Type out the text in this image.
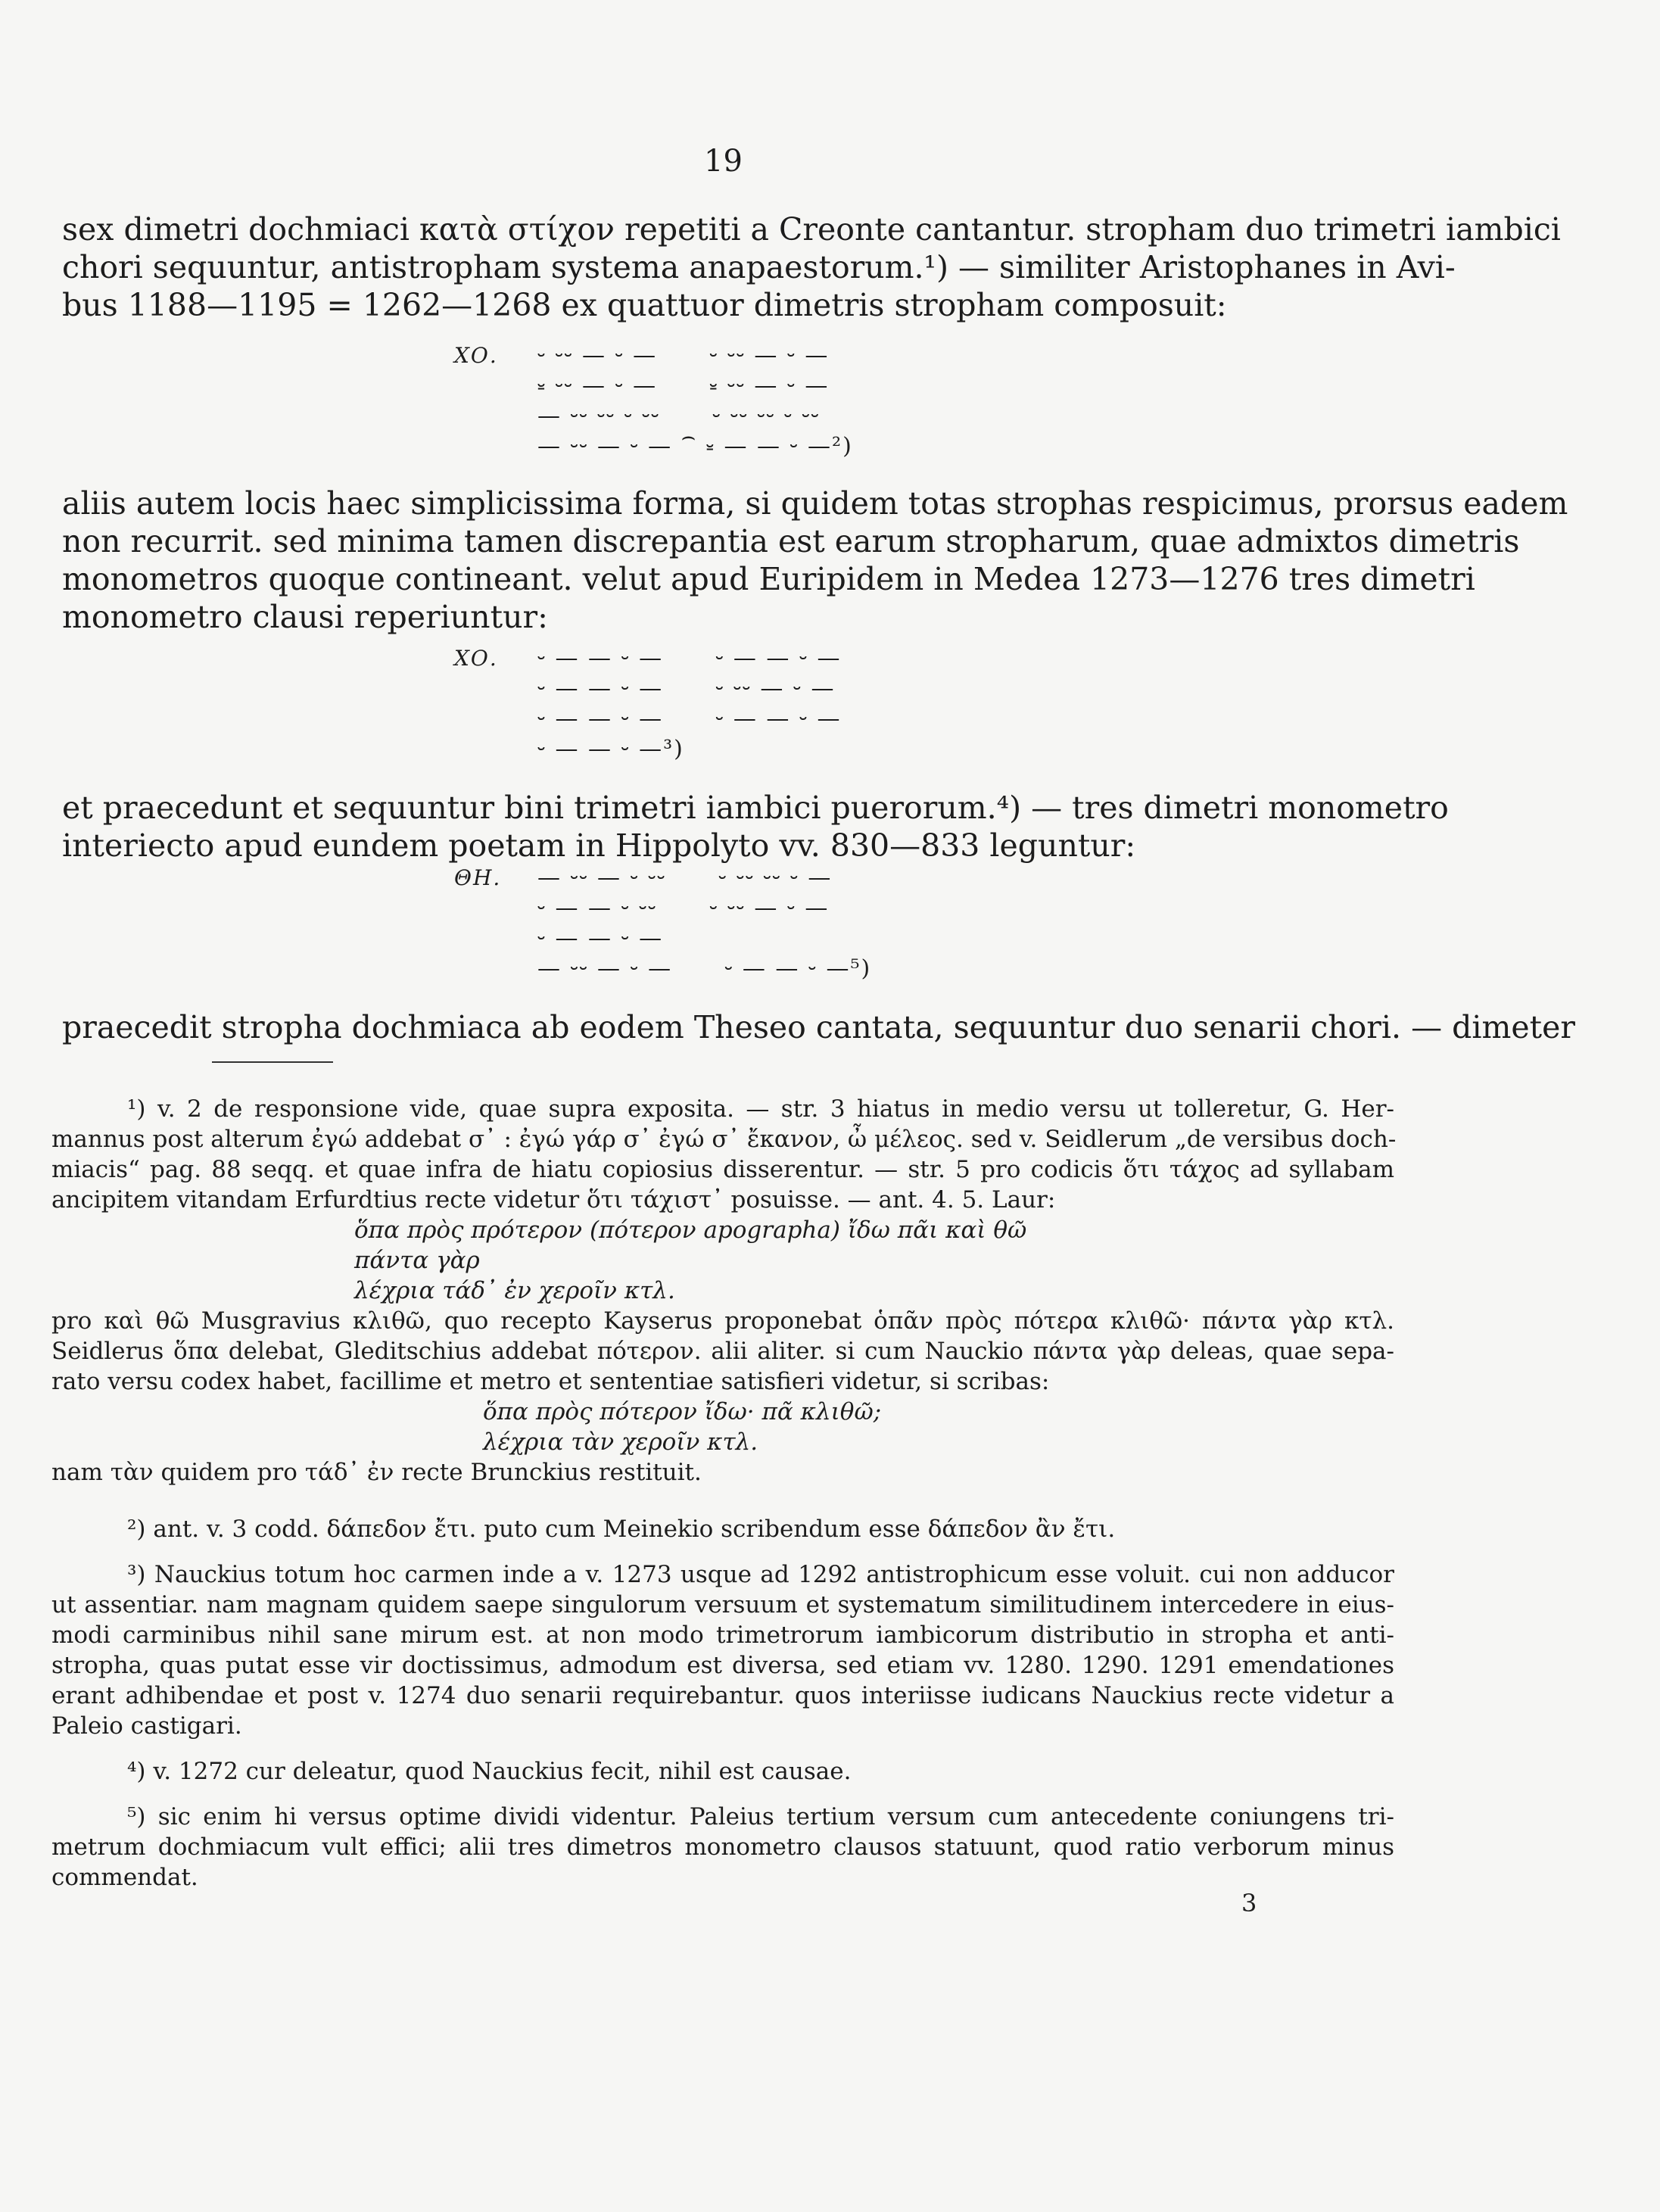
19
sex dimetri dochmiaci κατὰ στίχον repetiti a Creonte cantantur. stropham duo trimetri iambici
chori sequuntur, antistropham systema anapaestorum.¹) — similiter Aristophanes in Avi-
bus 1188—1195 = 1262—1268 ex quattuor dimetris stropham composuit:
ΧΟ. ⏑ ⏑⏑ — ⏑ —      ⏑ ⏑⏑ — ⏑ —
⏓ ⏑⏑ — ⏑ —      ⏓ ⏑⏑ — ⏑ —
— ⏑⏑ ⏑⏑ ⏑ ⏑⏑      ⏑ ⏑⏑ ⏑⏑ ⏑ ⏑⏑
— ⏑⏑ — ⏑ — ⁀ ⏓ — — ⏑ —²)
aliis autem locis haec simplicissima forma, si quidem totas strophas respicimus, prorsus eadem
non recurrit. sed minima tamen discrepantia est earum stropharum, quae admixtos dimetris
monometros quoque contineant. velut apud Euripidem in Medea 1273—1276 tres dimetri
monometro clausi reperiuntur:
ΧΟ. ⏑ — — ⏑ —      ⏑ — — ⏑ —
⏑ — — ⏑ —      ⏑ ⏑⏑ — ⏑ —
⏑ — — ⏑ —      ⏑ — — ⏑ —
⏑ — — ⏑ —³)
et praecedunt et sequuntur bini trimetri iambici puerorum.⁴) — tres dimetri monometro
interiecto apud eundem poetam in Hippolyto vv. 830—833 leguntur:
ΘΗ. — ⏑⏑ — ⏑ ⏑⏑      ⏑ ⏑⏑ ⏑⏑ ⏑ —
⏑ — — ⏑ ⏑⏑      ⏑ ⏑⏑ — ⏑ —
⏑ — — ⏑ —
— ⏑⏑ — ⏑ —      ⏑ — — ⏑ —⁵)
praecedit stropha dochmiaca ab eodem Theseo cantata, sequuntur duo senarii chori. — dimeter
¹) v. 2 de responsione vide, quae supra exposita. — str. 3 hiatus in medio versu ut tolleretur, G. Her-
mannus post alterum ἐγώ addebat σ᾽ : ἐγώ γάρ σ᾽ ἐγώ σ᾽ ἔκανον, ὦ μέλεος. sed v. Seidlerum „de versibus doch-
miacis“ pag. 88 seqq. et quae infra de hiatu copiosius disserentur. — str. 5 pro codicis ὅτι τάχος ad syllabam
ancipitem vitandam Erfurdtius recte videtur ὅτι τάχιστ᾽ posuisse. — ant. 4. 5. Laur:
ὅπα πρὸς πρότερον (πότερον apographa) ἴδω πᾶι καὶ θῶ
πάντα γὰρ
λέχρια τάδ᾽ ἐν χεροῖν κτλ.
pro καὶ θῶ Musgravius κλιθῶ, quo recepto Kayserus proponebat ὁπᾶν πρὸς πότερα κλιθῶ· πάντα γὰρ κτλ.
Seidlerus ὅπα delebat, Gleditschius addebat πότερον. alii aliter. si cum Nauckio πάντα γὰρ deleas, quae sepa-
rato versu codex habet, facillime et metro et sententiae satisfieri videtur, si scribas:
ὅπα πρὸς πότερον ἴδω· πᾶ κλιθῶ;
λέχρια τὰν χεροῖν κτλ.
nam τὰν quidem pro τάδ᾽ ἐν recte Brunckius restituit.
²) ant. v. 3 codd. δάπεδον ἔτι. puto cum Meinekio scribendum esse δάπεδον ἂν ἔτι.
³) Nauckius totum hoc carmen inde a v. 1273 usque ad 1292 antistrophicum esse voluit. cui non adducor
ut assentiar. nam magnam quidem saepe singulorum versuum et systematum similitudinem intercedere in eius-
modi carminibus nihil sane mirum est. at non modo trimetrorum iambicorum distributio in stropha et anti-
stropha, quas putat esse vir doctissimus, admodum est diversa, sed etiam vv. 1280. 1290. 1291 emendationes
erant adhibendae et post v. 1274 duo senarii requirebantur. quos interiisse iudicans Nauckius recte videtur a
Paleio castigari.
⁴) v. 1272 cur deleatur, quod Nauckius fecit, nihil est causae.
⁵) sic enim hi versus optime dividi videntur. Paleius tertium versum cum antecedente coniungens tri-
metrum dochmiacum vult effici; alii tres dimetros monometro clausos statuunt, quod ratio verborum minus
commendat.
3
